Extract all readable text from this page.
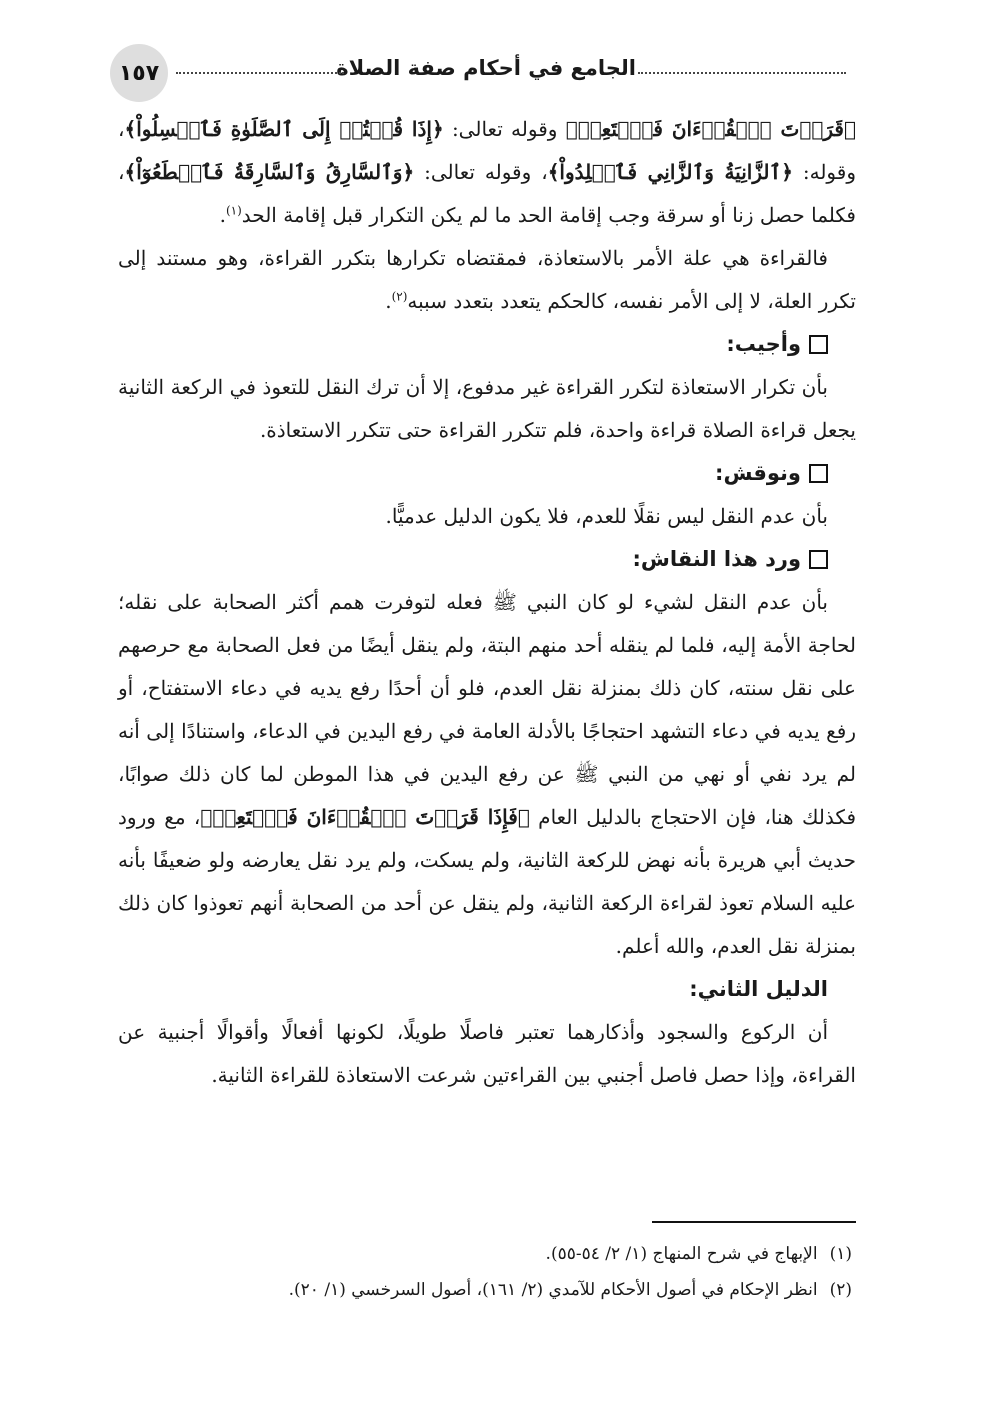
الجامع في أحكام صفة الصلاة
١٥٧

﴿قَرَأۡتَ ٱلۡقُرۡءَانَ فَٱسۡتَعِذۡ﴾ وقوله تعالى: ﴿إِذَا قُمۡتُمۡ إِلَى ٱلصَّلَوٰةِ فَٱغۡسِلُواْ﴾، وقوله: ﴿ٱلزَّانِيَةُ وَٱلزَّانِي فَٱجۡلِدُواْ﴾، وقوله تعالى: ﴿وَٱلسَّارِقُ وَٱلسَّارِقَةُ فَٱقۡطَعُوٓاْ﴾، فكلما حصل زنا أو سرقة وجب إقامة الحد ما لم يكن التكرار قبل إقامة الحد$^{(١)}$.

فالقراءة هي علة الأمر بالاستعاذة، فمقتضاه تكرارها بتكرر القراءة، وهو مستند إلى تكرر العلة، لا إلى الأمر نفسه، كالحكم يتعدد بتعدد سببه$^{(٢)}$.

وأجيب:

بأن تكرار الاستعاذة لتكرر القراءة غير مدفوع، إلا أن ترك النقل للتعوذ في الركعة الثانية يجعل قراءة الصلاة قراءة واحدة، فلم تتكرر القراءة حتى تتكرر الاستعاذة.

ونوقش:

بأن عدم النقل ليس نقلًا للعدم، فلا يكون الدليل عدميًّا.

ورد هذا النقاش:

بأن عدم النقل لشيء لو كان النبي ﷺ فعله لتوفرت همم أكثر الصحابة على نقله؛ لحاجة الأمة إليه، فلما لم ينقله أحد منهم البتة، ولم ينقل أيضًا من فعل الصحابة مع حرصهم على نقل سنته، كان ذلك بمنزلة نقل العدم، فلو أن أحدًا رفع يديه في دعاء الاستفتاح، أو رفع يديه في دعاء التشهد احتجاجًا بالأدلة العامة في رفع اليدين في الدعاء، واستنادًا إلى أنه لم يرد نفي أو نهي من النبي ﷺ عن رفع اليدين في هذا الموطن لما كان ذلك صوابًا، فكذلك هنا، فإن الاحتجاج بالدليل العام ﴿فَإِذَا قَرَأۡتَ ٱلۡقُرۡءَانَ فَٱسۡتَعِذۡ﴾، مع ورود حديث أبي هريرة بأنه نهض للركعة الثانية، ولم يسكت، ولم يرد نقل يعارضه ولو ضعيفًا بأنه عليه السلام تعوذ لقراءة الركعة الثانية، ولم ينقل عن أحد من الصحابة أنهم تعوذوا كان ذلك بمنزلة نقل العدم، والله أعلم.

الدليل الثاني:

أن الركوع والسجود وأذكارهما تعتبر فاصلًا طويلًا، لكونها أفعالًا وأقوالًا أجنبية عن القراءة، وإذا حصل فاصل أجنبي بين القراءتين شرعت الاستعاذة للقراءة الثانية.

(١)
الإبهاج في شرح المنهاج (١/ ٢/ ٥٤-٥٥).
(٢)
انظر الإحكام في أصول الأحكام للآمدي (٢/ ١٦١)، أصول السرخسي (١/ ٢٠).
